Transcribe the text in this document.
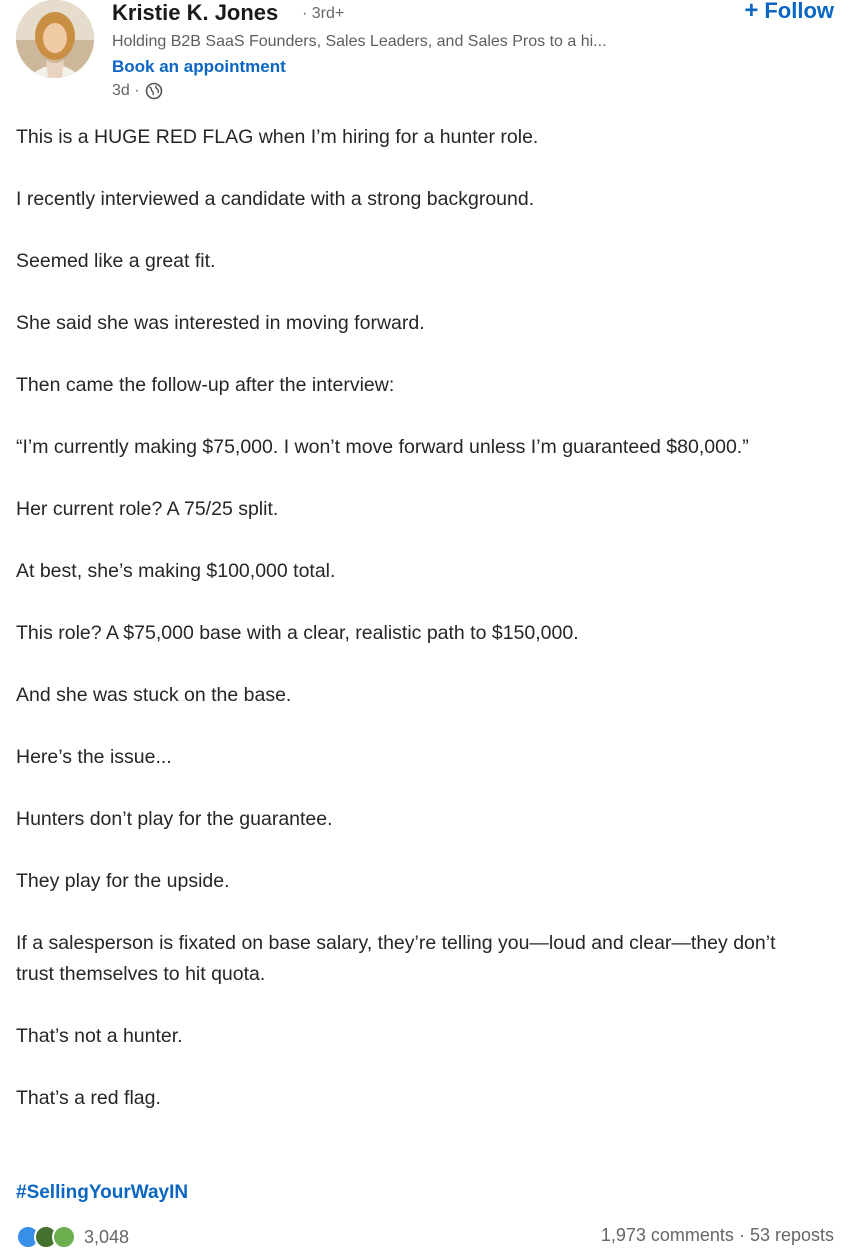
Kristie K. Jones · 3rd+
Holding B2B SaaS Founders, Sales Leaders, and Sales Pros to a hi...
Book an appointment
3d ·
+ Follow

This is a HUGE RED FLAG when I’m hiring for a hunter role.

I recently interviewed a candidate with a strong background.

Seemed like a great fit.

She said she was interested in moving forward.

Then came the follow-up after the interview:

“I’m currently making $75,000. I won’t move forward unless I’m guaranteed $80,000.”

Her current role? A 75/25 split.

At best, she’s making $100,000 total.

This role? A $75,000 base with a clear, realistic path to $150,000.

And she was stuck on the base.

Here’s the issue...

Hunters don’t play for the guarantee.

They play for the upside.

If a salesperson is fixated on base salary, they’re telling you—loud and clear—they don’t trust themselves to hit quota.

That’s not a hunter.

That’s a red flag.

#SellingYourWayIN
3,048	1,973 comments · 53 reposts
